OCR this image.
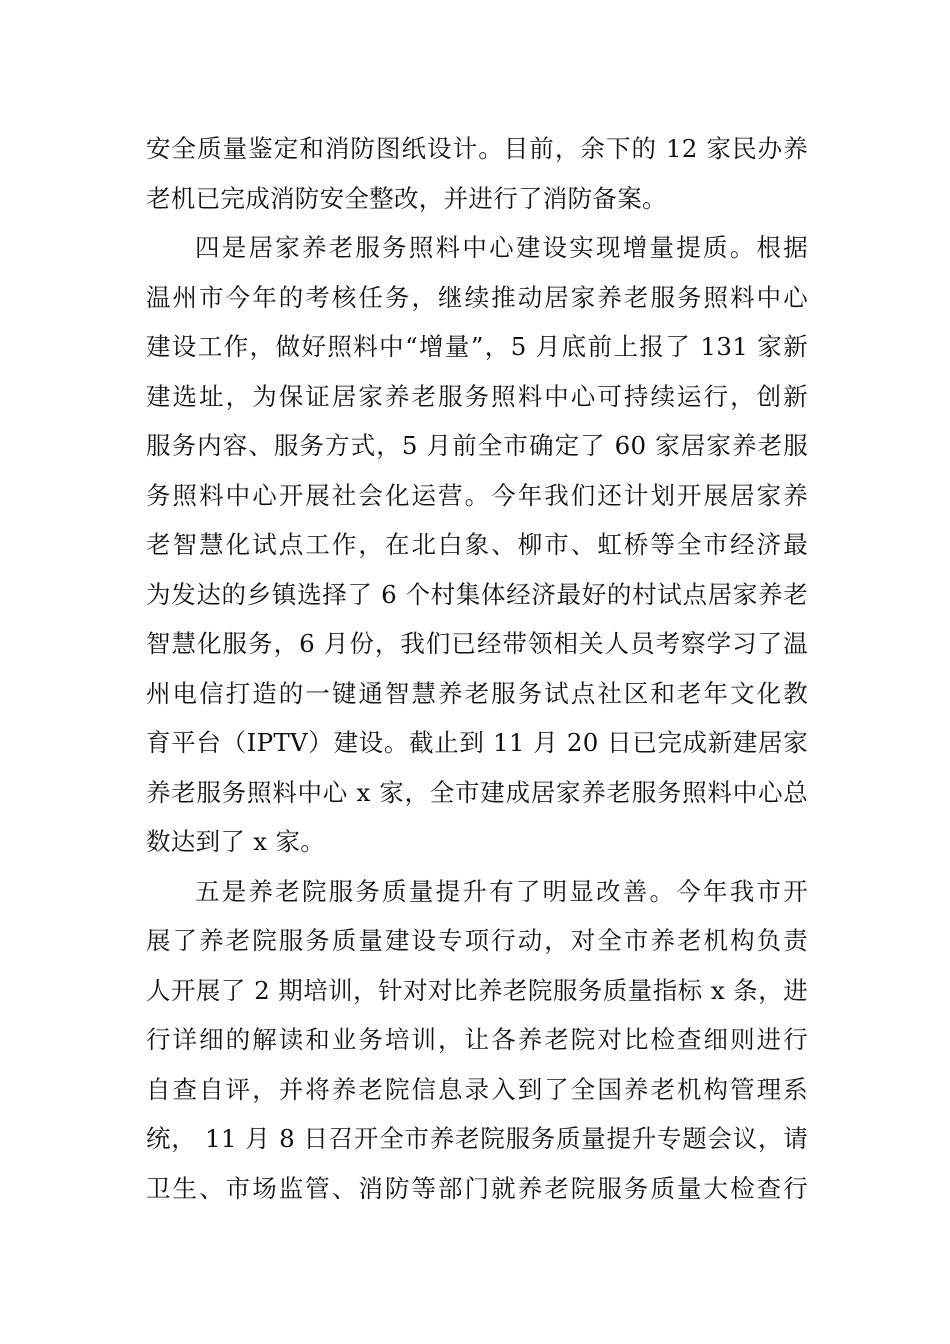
安全质量鉴定和消防图纸设计。目前，余下的 12 家民办养
老机已完成消防安全整改，并进行了消防备案。
四是居家养老服务照料中心建设实现增量提质。根据
温州市今年的考核任务，继续推动居家养老服务照料中心
建设工作，做好照料中“增量”，5 月底前上报了 131 家新
建选址，为保证居家养老服务照料中心可持续运行，创新
服务内容、服务方式，5 月前全市确定了 60 家居家养老服
务照料中心开展社会化运营。今年我们还计划开展居家养
老智慧化试点工作，在北白象、柳市、虹桥等全市经济最
为发达的乡镇选择了 6 个村集体经济最好的村试点居家养老
智慧化服务，6 月份，我们已经带领相关人员考察学习了温
州电信打造的一键通智慧养老服务试点社区和老年文化教
育平台（IPTV）建设。截止到 11 月 20 日已完成新建居家
养老服务照料中心 x 家，全市建成居家养老服务照料中心总
数达到了 x 家。
五是养老院服务质量提升有了明显改善。今年我市开
展了养老院服务质量建设专项行动，对全市养老机构负责
人开展了 2 期培训，针对对比养老院服务质量指标 x 条，进
行详细的解读和业务培训，让各养老院对比检查细则进行
自查自评，并将养老院信息录入到了全国养老机构管理系
统， 11 月 8 日召开全市养老院服务质量提升专题会议，请
卫生、市场监管、消防等部门就养老院服务质量大检查行
